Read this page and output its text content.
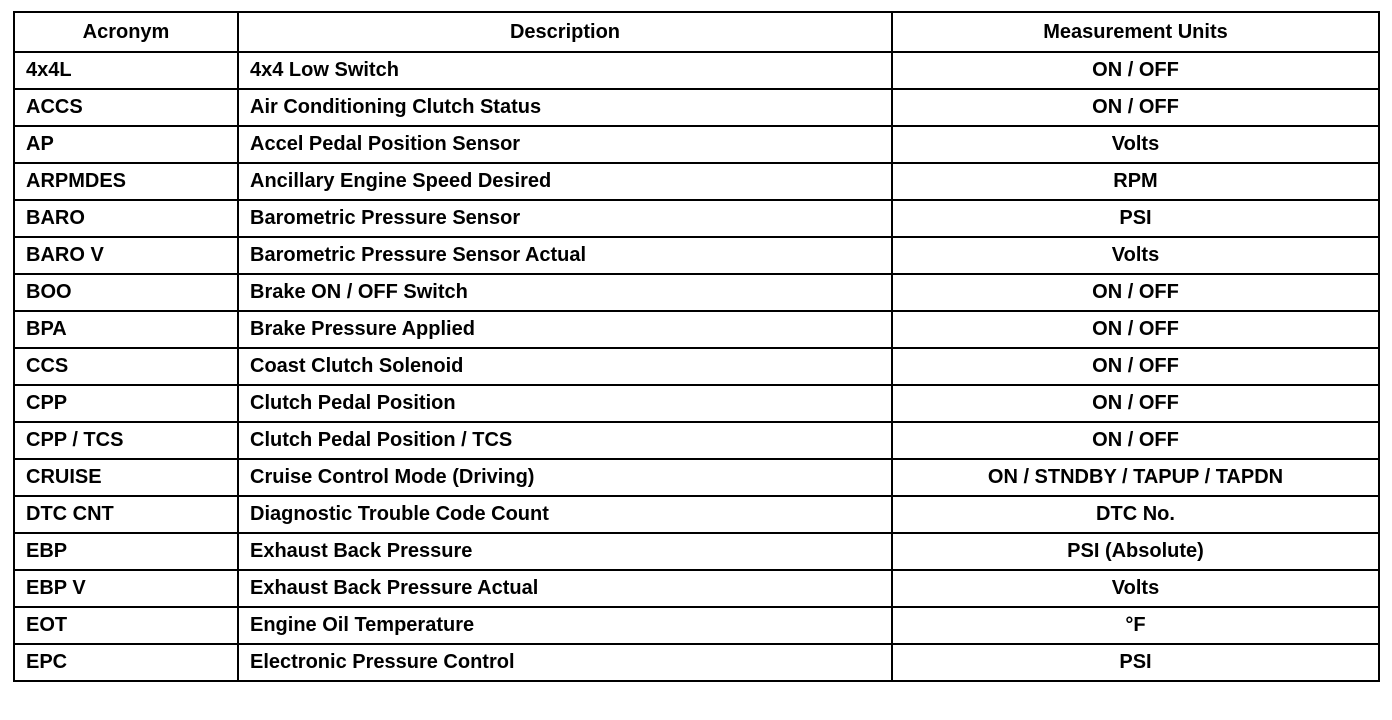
Acronym	Description	Measurement Units
4x4L	4x4 Low Switch	ON / OFF
ACCS	Air Conditioning Clutch Status	ON / OFF
AP	Accel Pedal Position Sensor	Volts
ARPMDES	Ancillary Engine Speed Desired	RPM
BARO	Barometric Pressure Sensor	PSI
BARO V	Barometric Pressure Sensor Actual	Volts
BOO	Brake ON / OFF Switch	ON / OFF
BPA	Brake Pressure Applied	ON / OFF
CCS	Coast Clutch Solenoid	ON / OFF
CPP	Clutch Pedal Position	ON / OFF
CPP / TCS	Clutch Pedal Position / TCS	ON / OFF
CRUISE	Cruise Control Mode (Driving)	ON / STNDBY / TAPUP / TAPDN
DTC CNT	Diagnostic Trouble Code Count	DTC No.
EBP	Exhaust Back Pressure	PSI (Absolute)
EBP V	Exhaust Back Pressure Actual	Volts
EOT	Engine Oil Temperature	°F
EPC	Electronic Pressure Control	PSI
